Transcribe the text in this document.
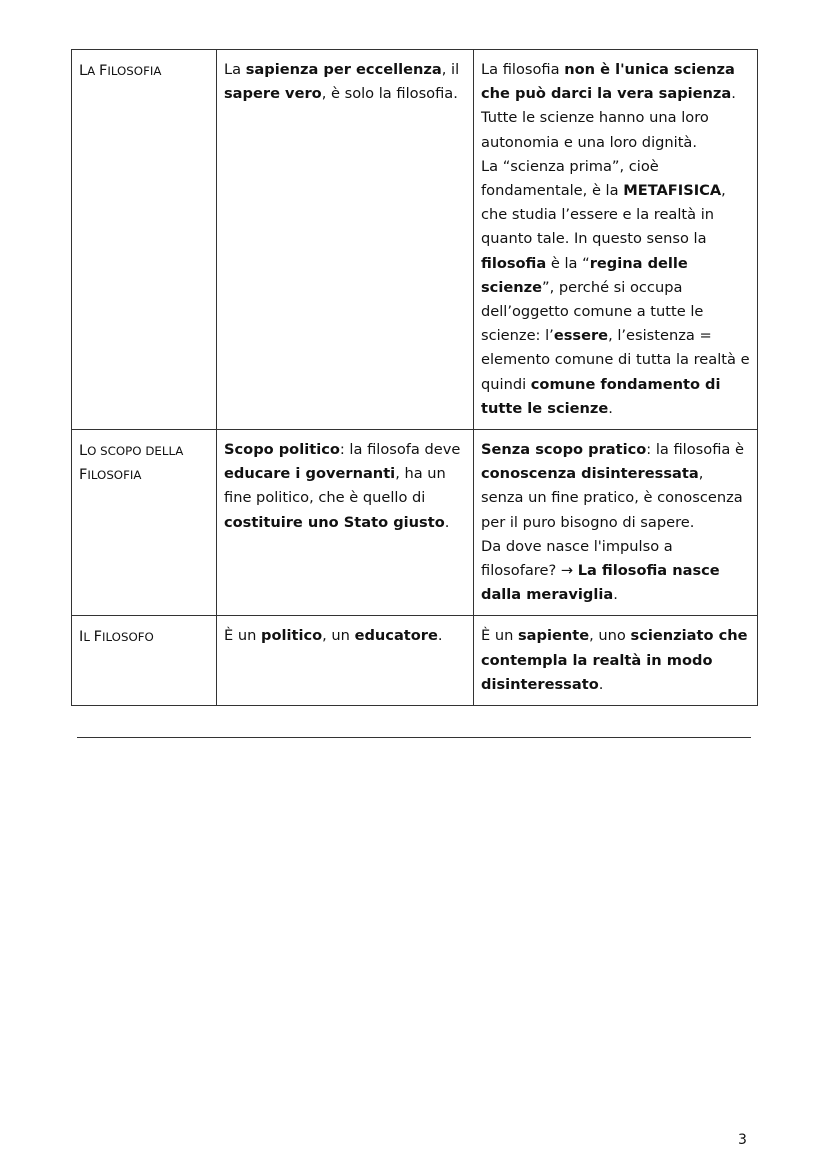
LA FILOSOFIA	La sapienza per eccellenza, il sapere vero, è solo la filosofia.	La filosofia non è l'unica scienza che può darci la vera sapienza. Tutte le scienze hanno una loro autonomia e una loro dignità.
La “scienza prima”, cioè fondamentale, è la METAFISICA, che studia l’essere e la realtà in quanto tale. In questo senso la filosofia è la “regina delle scienze”, perché si occupa dell’oggetto comune a tutte le scienze: l’essere, l’esistenza = elemento comune di tutta la realtà e quindi comune fondamento di tutte le scienze.
LO SCOPO DELLA FILOSOFIA	Scopo politico: la filosofa deve educare i governanti, ha un fine politico, che è quello di costituire uno Stato giusto.	Senza scopo pratico: la filosofia è conoscenza disinteressata, senza un fine pratico, è conoscenza per il puro bisogno di sapere.
Da dove nasce l'impulso a filosofare? → La filosofia nasce dalla meraviglia.
IL FILOSOFO	È un politico, un educatore.	È un sapiente, uno scienziato che contempla la realtà in modo disinteressato.
3
